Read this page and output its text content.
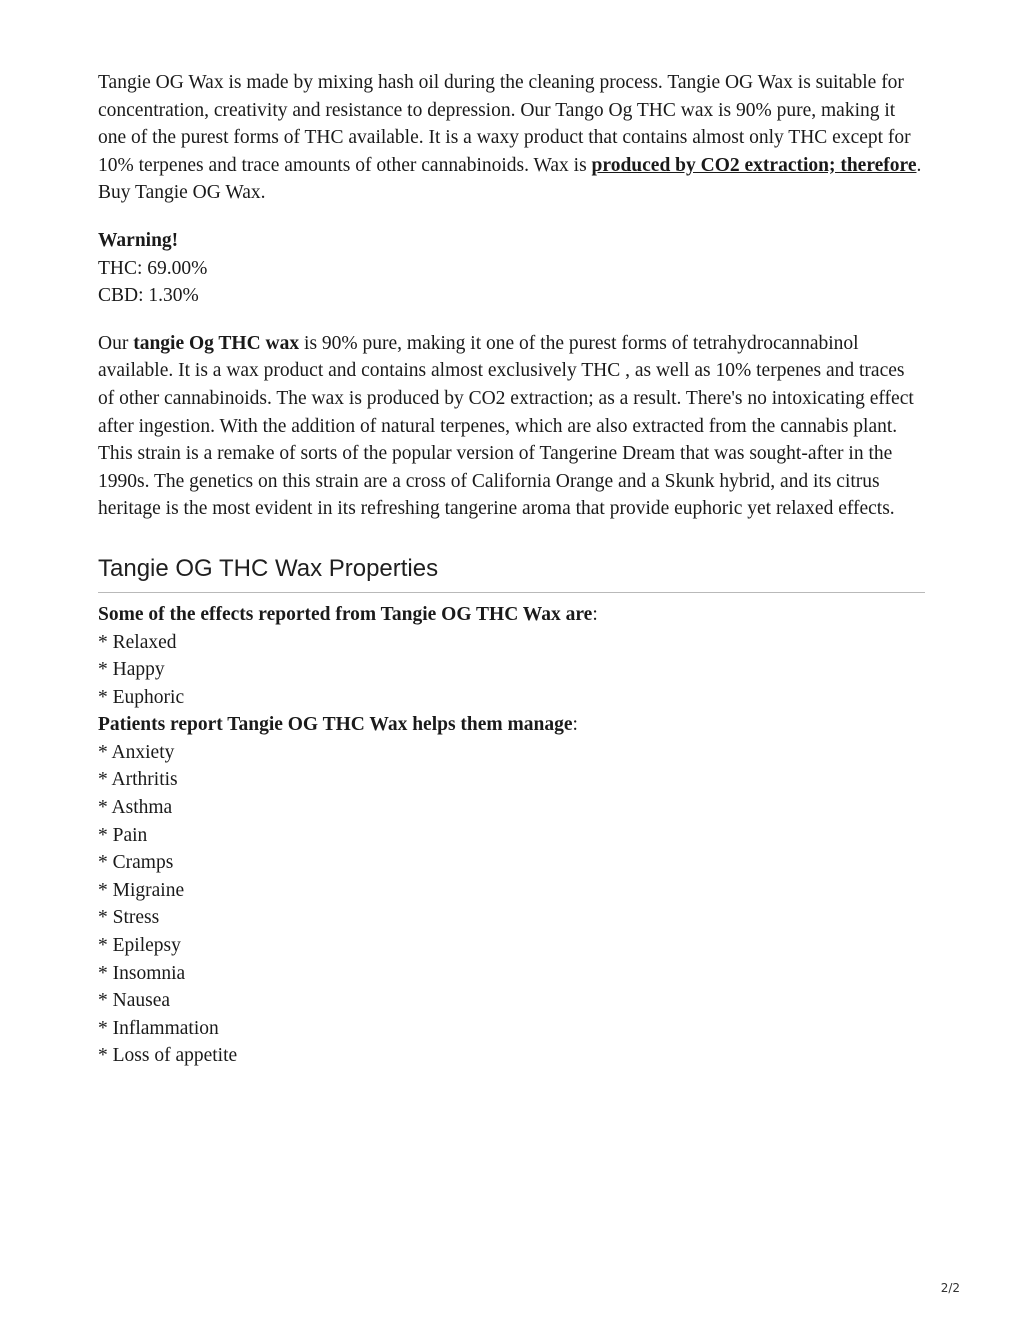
Tangie OG Wax is made by mixing hash oil during the cleaning process. Tangie OG Wax is suitable for concentration, creativity and resistance to depression. Our Tango Og THC wax is 90% pure, making it one of the purest forms of THC available. It is a waxy product that contains almost only THC except for 10% terpenes and trace amounts of other cannabinoids. Wax is produced by CO2 extraction; therefore. Buy Tangie OG Wax.

Warning!
THC: 69.00%
CBD: 1.30%

Our tangie Og THC wax is 90% pure, making it one of the purest forms of tetrahydrocannabinol available. It is a wax product and contains almost exclusively THC , as well as 10% terpenes and traces of other cannabinoids. The wax is produced by CO2 extraction; as a result. There's no intoxicating effect after ingestion. With the addition of natural terpenes, which are also extracted from the cannabis plant. This strain is a remake of sorts of the popular version of Tangerine Dream that was sought-after in the 1990s. The genetics on this strain are a cross of California Orange and a Skunk hybrid, and its citrus heritage is the most evident in its refreshing tangerine aroma that provide euphoric yet relaxed effects.

Tangie OG THC Wax Properties
Some of the effects reported from Tangie OG THC Wax are:
* Relaxed
* Happy
* Euphoric
Patients report Tangie OG THC Wax helps them manage:
* Anxiety
* Arthritis
* Asthma
* Pain
* Cramps
* Migraine
* Stress
* Epilepsy
* Insomnia
* Nausea
* Inflammation
* Loss of appetite
2/2
